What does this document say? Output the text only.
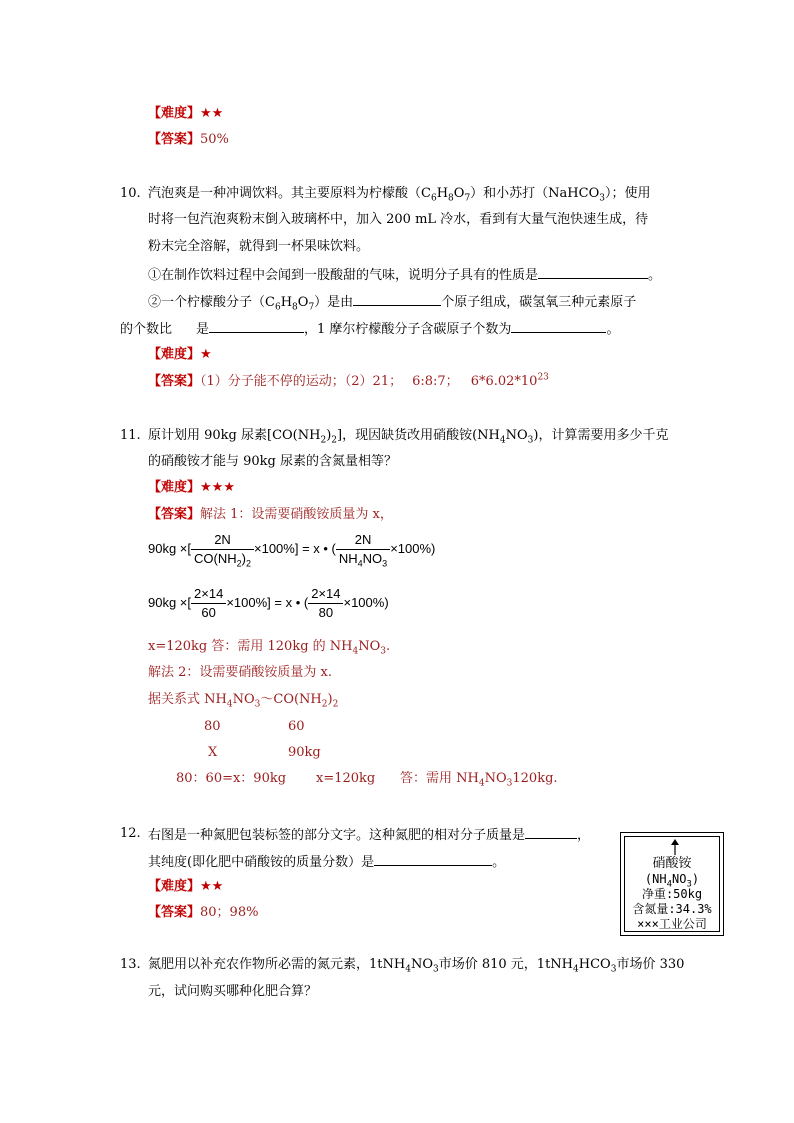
【难度】★★
【答案】50%
10. 汽泡爽是一种冲调饮料。其主要原料为柠檬酸$(C_6H_8O_7)$和小苏打（NaHCO$_3$）；使用
时将一包汽泡爽粉末倒入玻璃杯中，加入 200 mL 冷水，看到有大量气泡快速生成，待
粉末完全溶解，就得到一杯果味饮料。
①在制作饮料过程中会闻到一股酸甜的气味，说明分子具有的性质是	。
②一个柠檬酸分子$(C_6H_8O_7)$是由	个原子组成，碳氢氧三种元素原子
的个数比 是	，1 摩尔柠檬酸分子含碳原子个数为	。
【难度】★
【答案】（1）分子能不停的运动；（2）21； 6:8:7； $6*6.02*10^{23}$
11. 原计划用 90kg 尿素$[CO(NH_2)_2]$，现因缺货改用硝酸铵$(NH_4NO_3)$，计算需要用多少千克
的硝酸铵才能与 90kg 尿素的含氮量相等？
【难度】★★★
【答案】解法 1：设需要硝酸铵质量为 x，
90kg ×[ $\frac{2N}{CO(NH_2)_2} \times 100\%] = x$ • ( $\frac{2N}{NH_4NO_3} \times 100\%$)
90kg ×[ $\frac{2\times 14}{60} \times 100\%] = x$ • ( $\frac{2\times 14}{80} \times 100\%$)
x=120kg 答：需用 120kg 的 $NH_4NO_3$.
解法 2：设需要硝酸铵质量为 x.
据关系式 $NH_4NO_3\sim CO(NH_2)_2$
80	60
X	90kg
80：60=x：90kg x=120kg 答：需用 $NH_4NO_3120kg$.
12. 右图是一种氮肥包装标签的部分文字。这种氮肥的相对分子质量是	，
其纯度(即化肥中硝酸铵的质量分数）是	。
【难度】★★
【答案】80；98%
硝酸铵
$(NH_4NO_3)$
净重:50kg
含氮量:34.3%
×××工业公司
13. 氮肥用以补充农作物所必需的氮元素，$1tNH_4NO_3$市场价 810 元，$1tNH_4HCO_3$市场价 330
元，试问购买哪种化肥合算？
